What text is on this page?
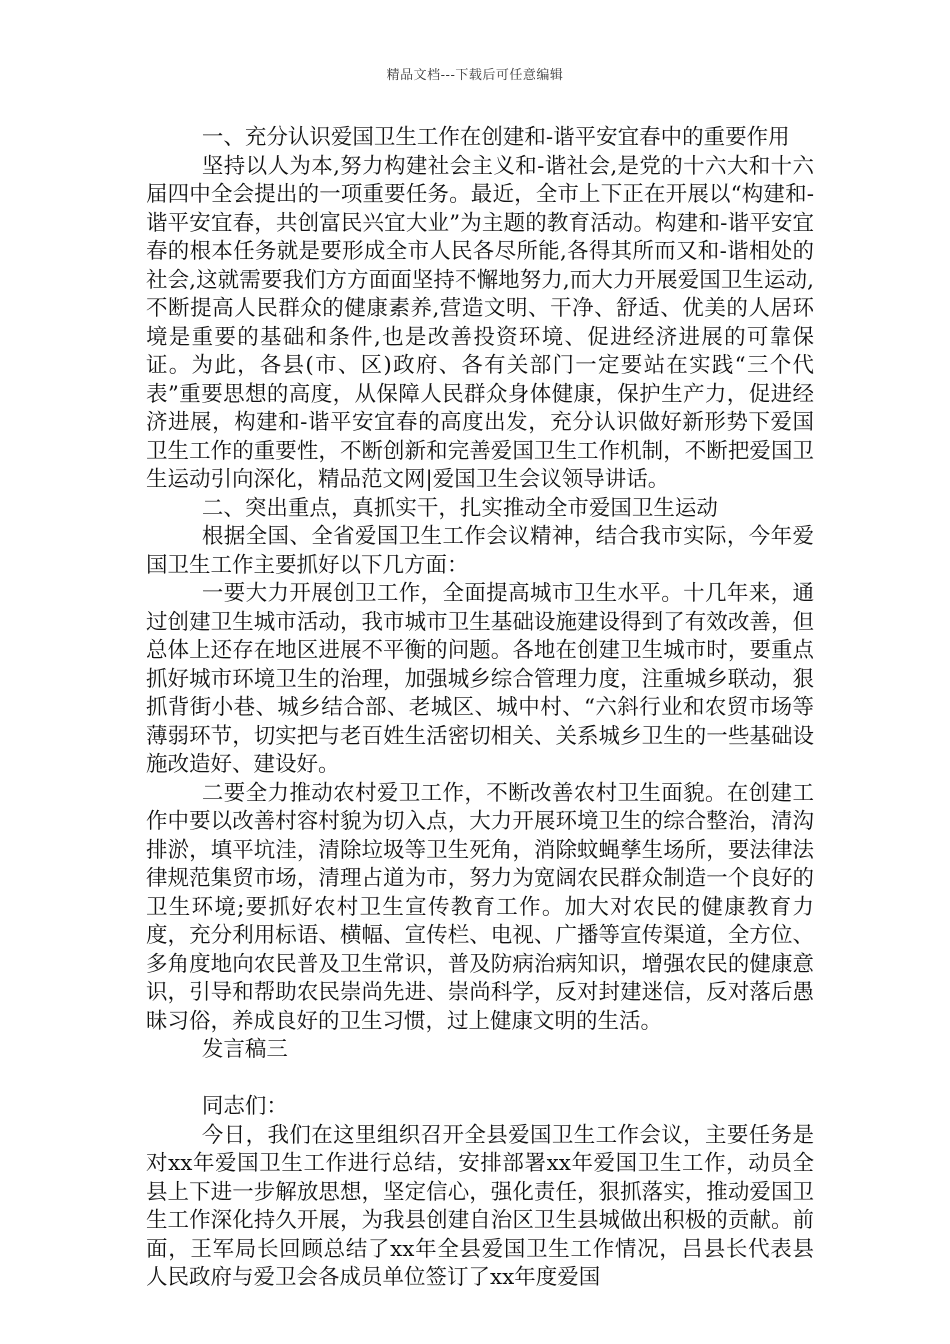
精品文档---下载后可任意编辑

一、充分认识爱国卫生工作在创建和-谐平安宜春中的重要作用

坚持以人为本,努力构建社会主义和-谐社会,是党的十六大和十六届四中全会提出的一项重要任务。最近，全市上下正在开展以“构建和-谐平安宜春，共创富民兴宜大业”为主题的教育活动。构建和-谐平安宜春的根本任务就是要形成全市人民各尽所能,各得其所而又和-谐相处的社会,这就需要我们方方面面坚持不懈地努力,而大力开展爱国卫生运动,不断提高人民群众的健康素养,营造文明、干净、舒适、优美的人居环境是重要的基础和条件,也是改善投资环境、促进经济进展的可靠保证。为此，各县(市、区)政府、各有关部门一定要站在实践“三个代表”重要思想的高度，从保障人民群众身体健康，保护生产力，促进经济进展，构建和-谐平安宜春的高度出发，充分认识做好新形势下爱国卫生工作的重要性，不断创新和完善爱国卫生工作机制，不断把爱国卫生运动引向深化，精品范文网|爱国卫生会议领导讲话。

二、突出重点，真抓实干，扎实推动全市爱国卫生运动

根据全国、全省爱国卫生工作会议精神，结合我市实际，今年爱国卫生工作主要抓好以下几方面：

一要大力开展创卫工作，全面提高城市卫生水平。十几年来，通过创建卫生城市活动，我市城市卫生基础设施建设得到了有效改善，但总体上还存在地区进展不平衡的问题。各地在创建卫生城市时，要重点抓好城市环境卫生的治理，加强城乡综合管理力度，注重城乡联动，狠抓背街小巷、城乡结合部、老城区、城中村、“六斜行业和农贸市场等薄弱环节，切实把与老百姓生活密切相关、关系城乡卫生的一些基础设施改造好、建设好。

二要全力推动农村爱卫工作，不断改善农村卫生面貌。在创建工作中要以改善村容村貌为切入点，大力开展环境卫生的综合整治，清沟排淤，填平坑洼，清除垃圾等卫生死角，消除蚊蝇孳生场所，要法律法律规范集贸市场，清理占道为市，努力为宽阔农民群众制造一个良好的卫生环境;要抓好农村卫生宣传教育工作。加大对农民的健康教育力度，充分利用标语、横幅、宣传栏、电视、广播等宣传渠道，全方位、多角度地向农民普及卫生常识，普及防病治病知识，增强农民的健康意识，引导和帮助农民崇尚先进、崇尚科学，反对封建迷信，反对落后愚昧习俗，养成良好的卫生习惯，过上健康文明的生活。

发言稿三

同志们：

今日，我们在这里组织召开全县爱国卫生工作会议，主要任务是对xx年爱国卫生工作进行总结，安排部署xx年爱国卫生工作，动员全县上下进一步解放思想，坚定信心，强化责任，狠抓落实，推动爱国卫生工作深化持久开展，为我县创建自治区卫生县城做出积极的贡献。前面，王军局长回顾总结了xx年全县爱国卫生工作情况，吕县长代表县人民政府与爱卫会各成员单位签订了xx年度爱国
